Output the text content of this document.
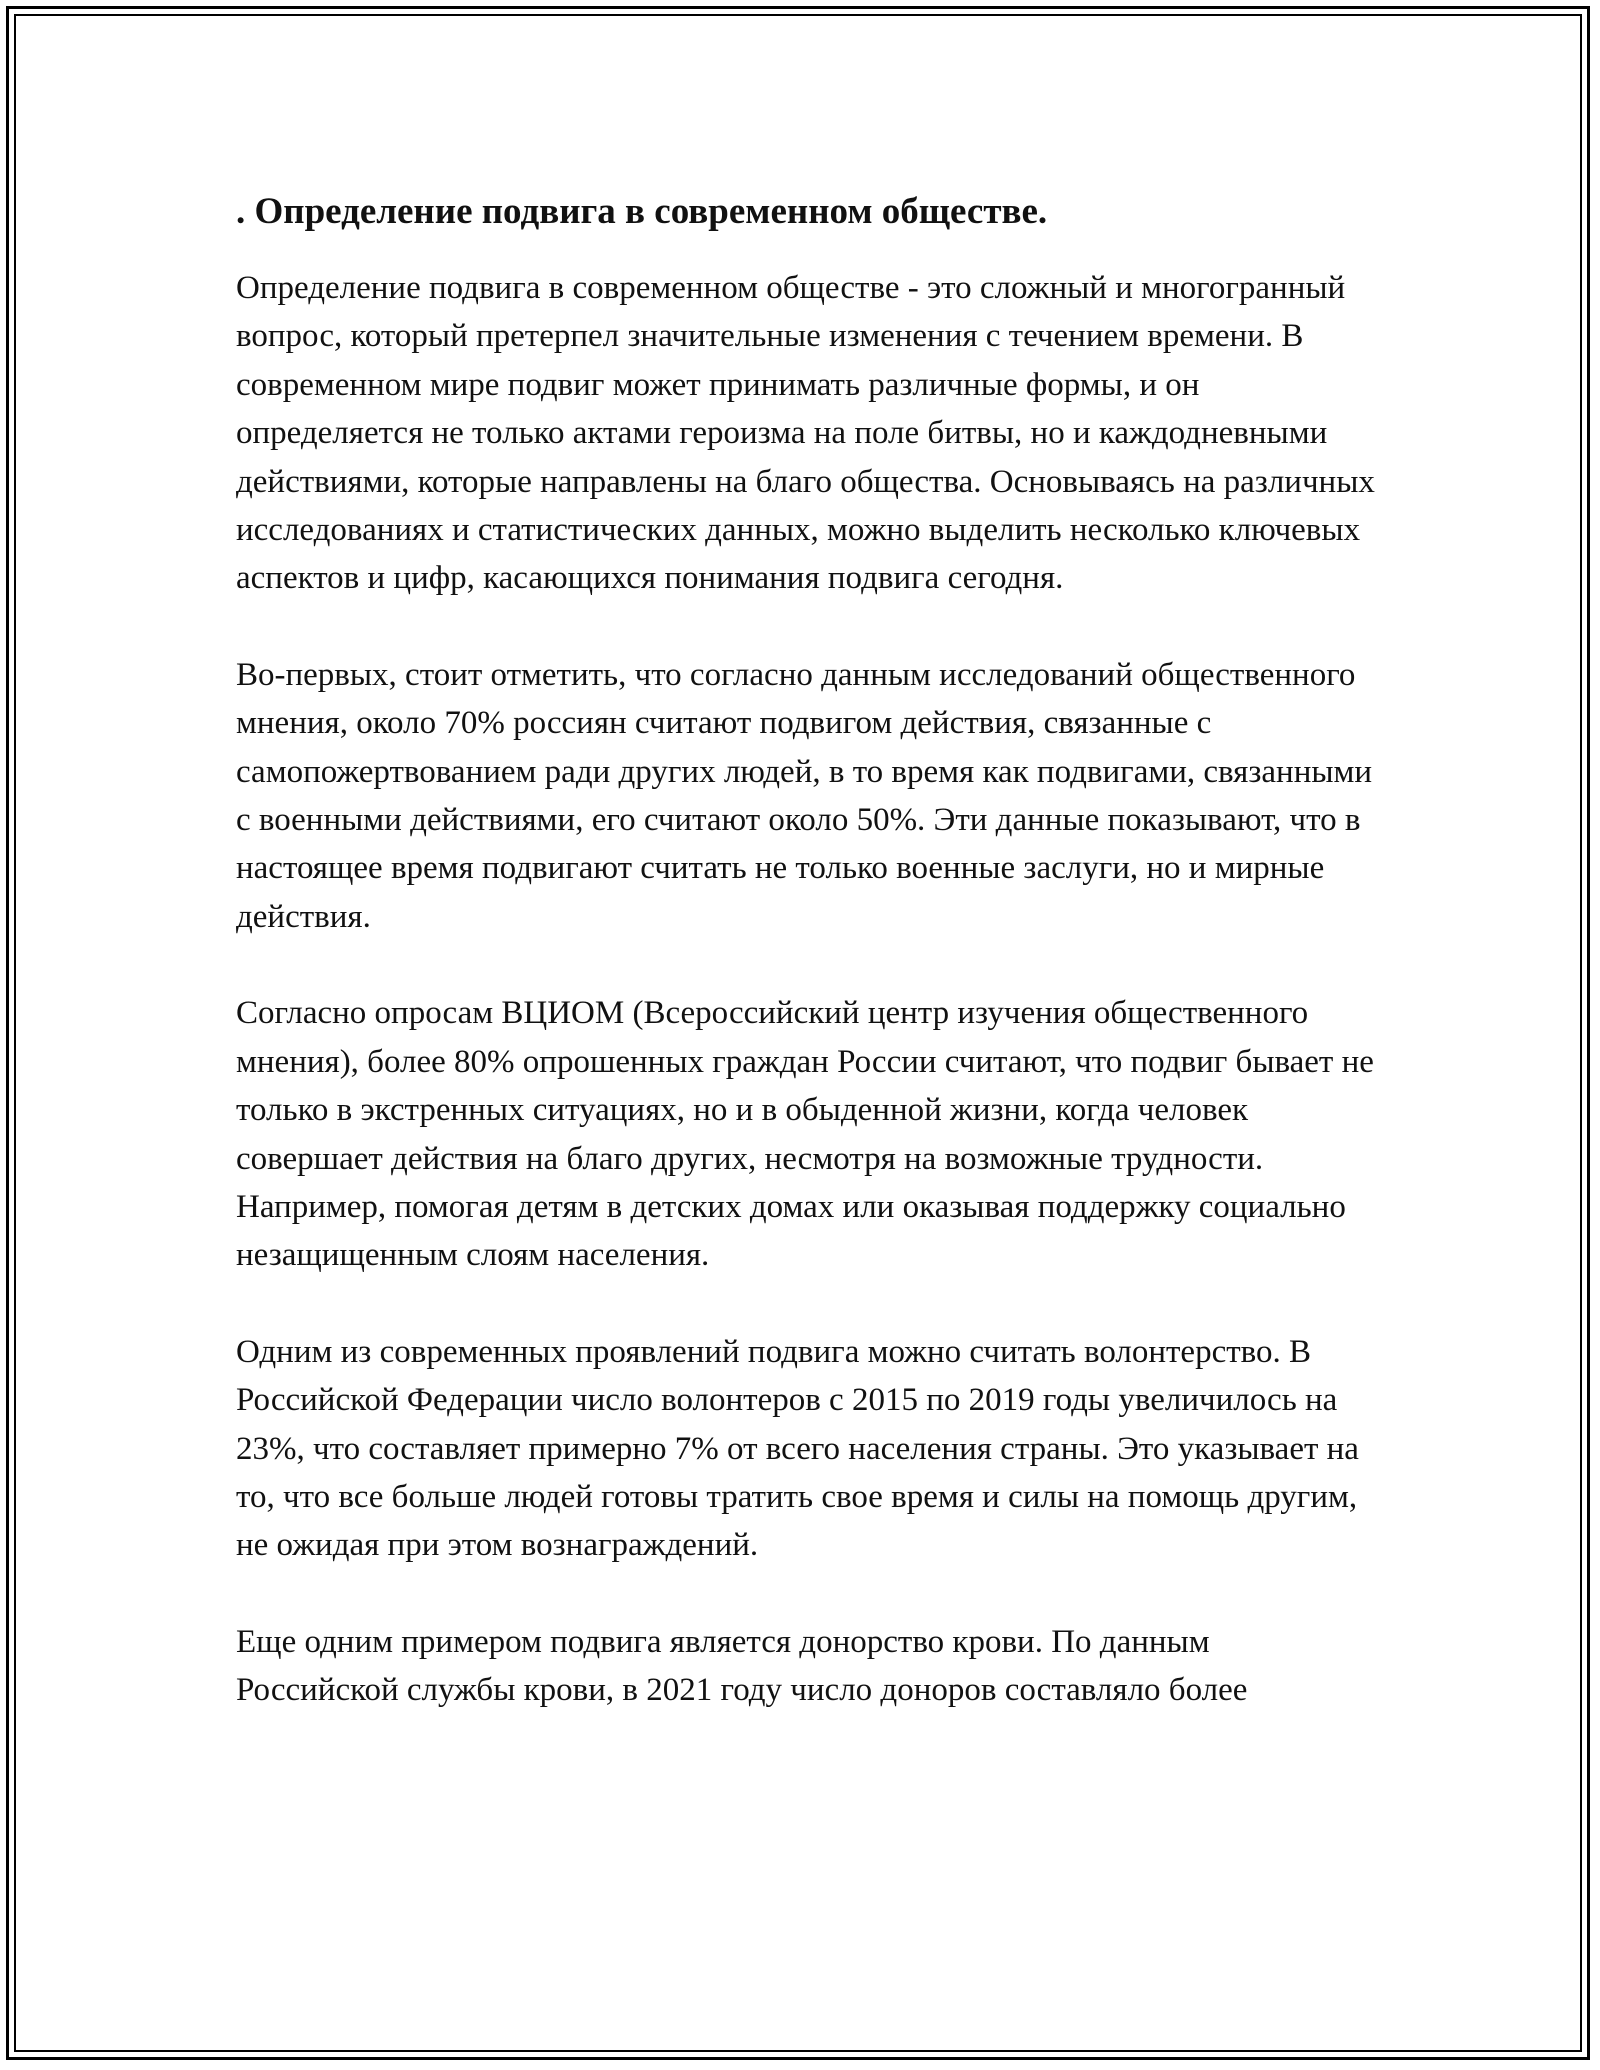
. Определение подвига в современном обществе.

Определение подвига в современном обществе - это сложный и многогранный вопрос, который претерпел значительные изменения с течением времени. В современном мире подвиг может принимать различные формы, и он определяется не только актами героизма на поле битвы, но и каждодневными действиями, которые направлены на благо общества. Основываясь на различных исследованиях и статистических данных, можно выделить несколько ключевых аспектов и цифр, касающихся понимания подвига сегодня.

Во-первых, стоит отметить, что согласно данным исследований общественного мнения, около 70% россиян считают подвигом действия, связанные с самопожертвованием ради других людей, в то время как подвигами, связанными с военными действиями, его считают около 50%. Эти данные показывают, что в настоящее время подвигают считать не только военные заслуги, но и мирные действия.

Согласно опросам ВЦИОМ (Всероссийский центр изучения общественного мнения), более 80% опрошенных граждан России считают, что подвиг бывает не только в экстренных ситуациях, но и в обыденной жизни, когда человек совершает действия на благо других, несмотря на возможные трудности. Например, помогая детям в детских домах или оказывая поддержку социально незащищенным слоям населения.

Одним из современных проявлений подвига можно считать волонтерство. В Российской Федерации число волонтеров с 2015 по 2019 годы увеличилось на 23%, что составляет примерно 7% от всего населения страны. Это указывает на то, что все больше людей готовы тратить свое время и силы на помощь другим, не ожидая при этом вознаграждений.

Еще одним примером подвига является донорство крови. По данным Российской службы крови, в 2021 году число доноров составляло более
